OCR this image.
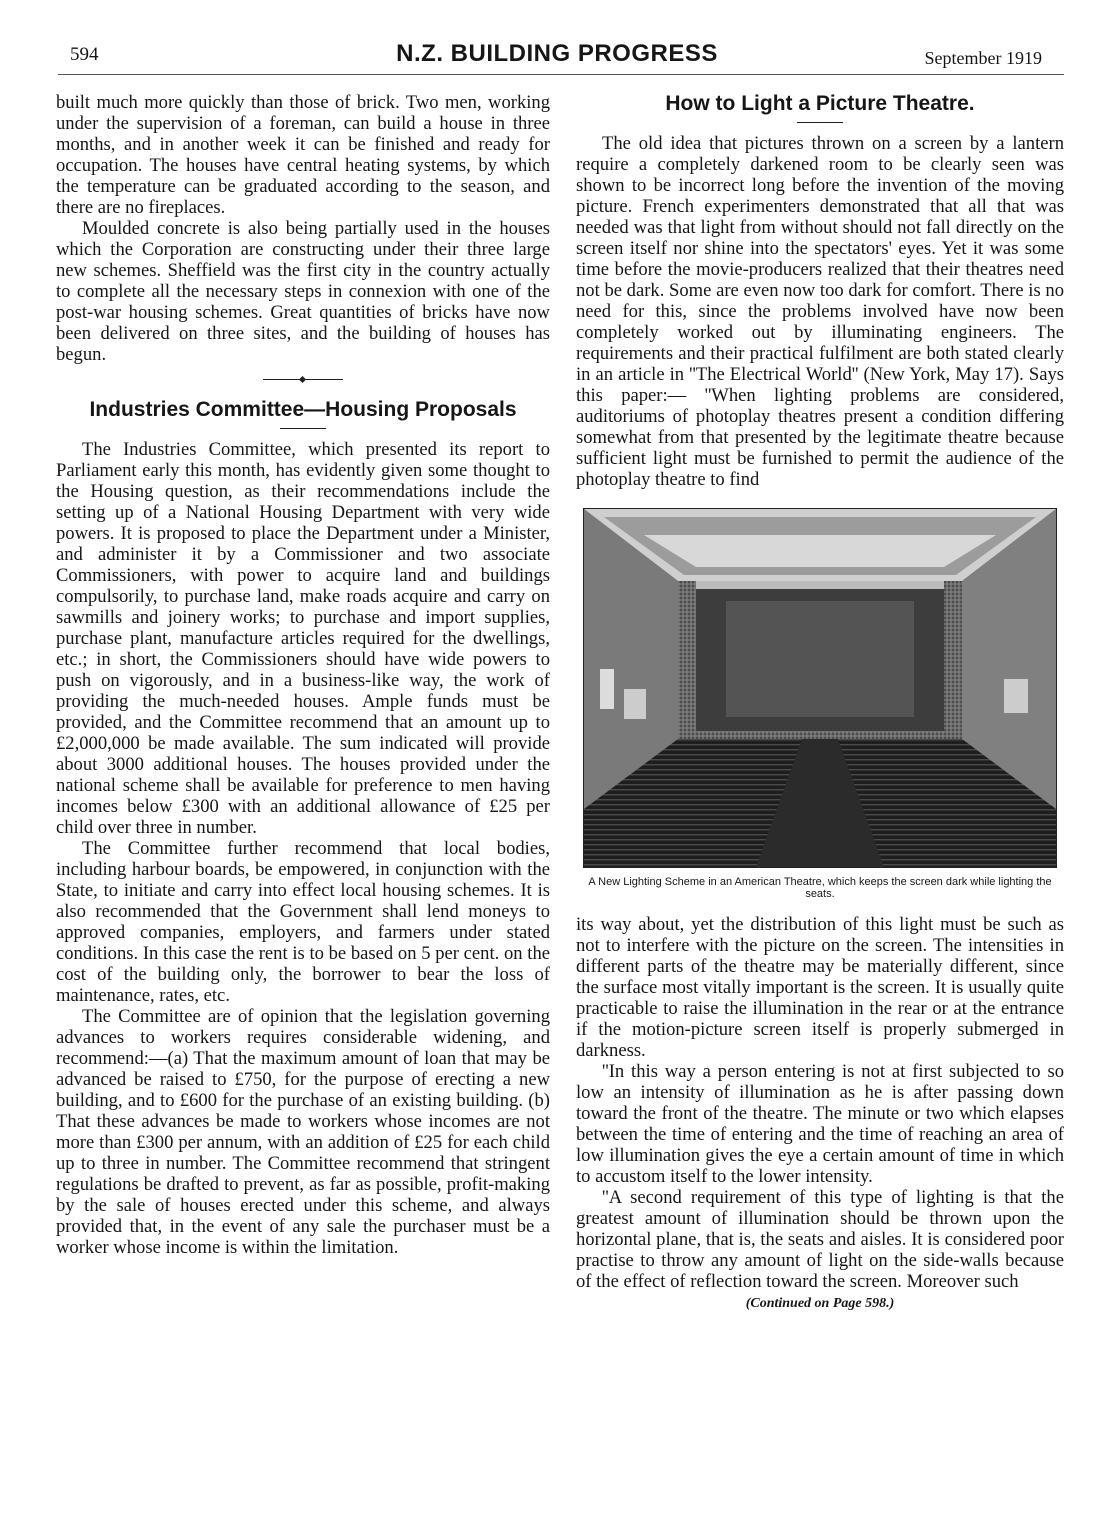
594	N.Z. BUILDING PROGRESS	September 1919

built much more quickly than those of brick. Two men, working under the supervision of a foreman, can build a house in three months, and in another week it can be finished and ready for occupation. The houses have central heating systems, by which the temperature can be graduated according to the season, and there are no fireplaces.

Moulded concrete is also being partially used in the houses which the Corporation are constructing under their three large new schemes. Sheffield was the first city in the country actually to complete all the necessary steps in connexion with one of the post-war housing schemes. Great quantities of bricks have now been delivered on three sites, and the building of houses has begun.

Industries Committee—Housing Proposals

The Industries Committee, which presented its report to Parliament early this month, has evidently given some thought to the Housing question, as their recommendations include the setting up of a National Housing Department with very wide powers. It is proposed to place the Department under a Minister, and administer it by a Commissioner and two associate Commissioners, with power to acquire land and buildings compulsorily, to purchase land, make roads acquire and carry on sawmills and joinery works; to purchase and import supplies, purchase plant, manufacture articles required for the dwellings, etc.; in short, the Commissioners should have wide powers to push on vigorously, and in a business-like way, the work of providing the much-needed houses. Ample funds must be provided, and the Committee recommend that an amount up to £2,000,000 be made available. The sum indicated will provide about 3000 additional houses. The houses provided under the national scheme shall be available for preference to men having incomes below £300 with an additional allowance of £25 per child over three in number.

The Committee further recommend that local bodies, including harbour boards, be empowered, in conjunction with the State, to initiate and carry into effect local housing schemes. It is also recommended that the Government shall lend moneys to approved companies, employers, and farmers under stated conditions. In this case the rent is to be based on 5 per cent. on the cost of the building only, the borrower to bear the loss of maintenance, rates, etc.

The Committee are of opinion that the legislation governing advances to workers requires considerable widening, and recommend:—(a) That the maximum amount of loan that may be advanced be raised to £750, for the purpose of erecting a new building, and to £600 for the purchase of an existing building. (b) That these advances be made to workers whose incomes are not more than £300 per annum, with an addition of £25 for each child up to three in number. The Committee recommend that stringent regulations be drafted to prevent, as far as possible, profit-making by the sale of houses erected under this scheme, and always provided that, in the event of any sale the purchaser must be a worker whose income is within the limitation.

How to Light a Picture Theatre.

The old idea that pictures thrown on a screen by a lantern require a completely darkened room to be clearly seen was shown to be incorrect long before the invention of the moving picture. French experimenters demonstrated that all that was needed was that light from without should not fall directly on the screen itself nor shine into the spectators' eyes. Yet it was some time before the movie-producers realized that their theatres need not be dark. Some are even now too dark for comfort. There is no need for this, since the problems involved have now been completely worked out by illuminating engineers. The requirements and their practical fulfilment are both stated clearly in an article in ''The Electrical World'' (New York, May 17). Says this paper:— ''When lighting problems are considered, auditoriums of photoplay theatres present a condition differing somewhat from that presented by the legitimate theatre because sufficient light must be furnished to permit the audience of the photoplay theatre to find

A New Lighting Scheme in an American Theatre, which keeps the screen dark while lighting the seats.

its way about, yet the distribution of this light must be such as not to interfere with the picture on the screen. The intensities in different parts of the theatre may be materially different, since the surface most vitally important is the screen. It is usually quite practicable to raise the illumination in the rear or at the entrance if the motion-picture screen itself is properly submerged in darkness.

''In this way a person entering is not at first subjected to so low an intensity of illumination as he is after passing down toward the front of the theatre. The minute or two which elapses between the time of entering and the time of reaching an area of low illumination gives the eye a certain amount of time in which to accustom itself to the lower intensity.

''A second requirement of this type of lighting is that the greatest amount of illumination should be thrown upon the horizontal plane, that is, the seats and aisles. It is considered poor practise to throw any amount of light on the side-walls because of the effect of reflection toward the screen. Moreover such

(Continued on Page 598.)
